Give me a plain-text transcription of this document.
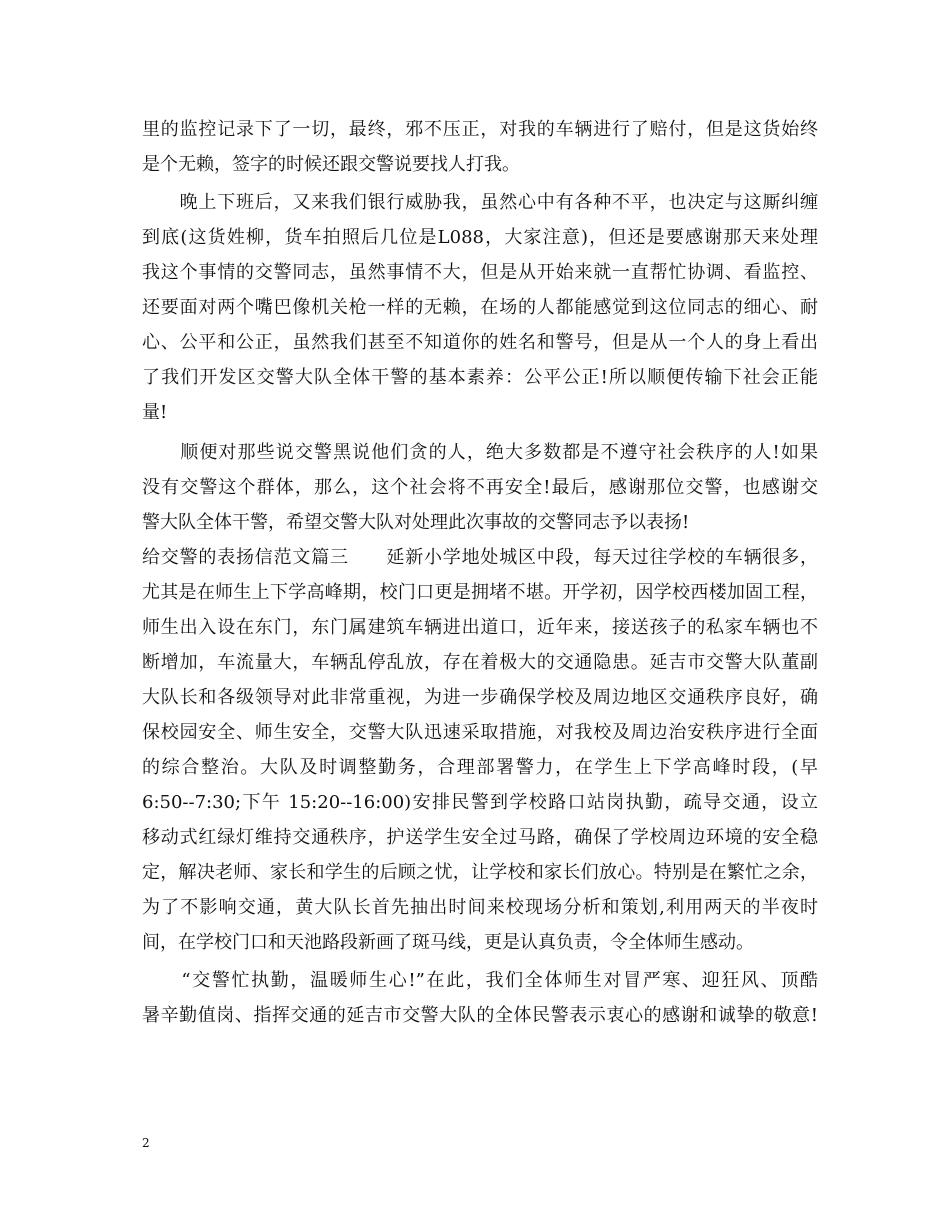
里的监控记录下了一切，最终，邪不压正，对我的车辆进行了赔付，但是这货始终
是个无赖，签字的时候还跟交警说要找人打我。
　　晚上下班后，又来我们银行威胁我，虽然心中有各种不平，也决定与这厮纠缠
到底(这货姓柳，货车拍照后几位是L088，大家注意)，但还是要感谢那天来处理
我这个事情的交警同志，虽然事情不大，但是从开始来就一直帮忙协调、看监控、
还要面对两个嘴巴像机关枪一样的无赖，在场的人都能感觉到这位同志的细心、耐
心、公平和公正，虽然我们甚至不知道你的姓名和警号，但是从一个人的身上看出
了我们开发区交警大队全体干警的基本素养：公平公正!所以顺便传输下社会正能
量!
　　顺便对那些说交警黑说他们贪的人，绝大多数都是不遵守社会秩序的人!如果
没有交警这个群体，那么，这个社会将不再安全!最后，感谢那位交警，也感谢交
警大队全体干警，希望交警大队对处理此次事故的交警同志予以表扬!
给交警的表扬信范文篇三　　延新小学地处城区中段，每天过往学校的车辆很多，
尤其是在师生上下学高峰期，校门口更是拥堵不堪。开学初，因学校西楼加固工程，
师生出入设在东门，东门属建筑车辆进出道口，近年来，接送孩子的私家车辆也不
断增加，车流量大，车辆乱停乱放，存在着极大的交通隐患。延吉市交警大队董副
大队长和各级领导对此非常重视，为进一步确保学校及周边地区交通秩序良好，确
保校园安全、师生安全，交警大队迅速采取措施，对我校及周边治安秩序进行全面
的综合整治。大队及时调整勤务，合理部署警力，在学生上下学高峰时段，(早
6:50--7:30;下午 15:20--16:00)安排民警到学校路口站岗执勤，疏导交通，设立
移动式红绿灯维持交通秩序，护送学生安全过马路，确保了学校周边环境的安全稳
定，解决老师、家长和学生的后顾之忧，让学校和家长们放心。特别是在繁忙之余，
为了不影响交通，黄大队长首先抽出时间来校现场分析和策划,利用两天的半夜时
间，在学校门口和天池路段新画了斑马线，更是认真负责，令全体师生感动。
　　“交警忙执勤，温暖师生心!”在此，我们全体师生对冒严寒、迎狂风、顶酷
暑辛勤值岗、指挥交通的延吉市交警大队的全体民警表示衷心的感谢和诚挚的敬意!
2
